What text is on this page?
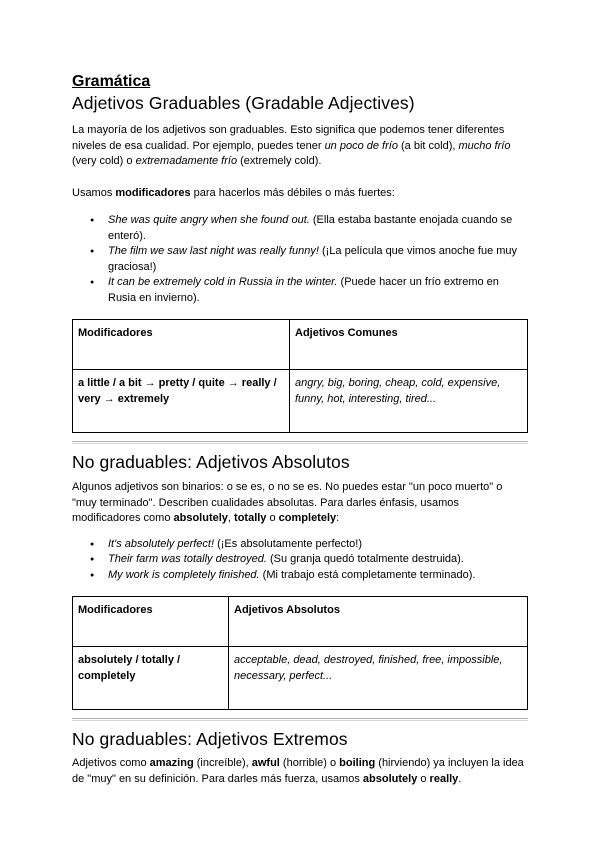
Gramática
Adjetivos Graduables (Gradable Adjectives)

La mayoría de los adjetivos son graduables. Esto significa que podemos tener diferentes niveles de esa cualidad. Por ejemplo, puedes tener un poco de frío (a bit cold), mucho frío (very cold) o extremadamente frío (extremely cold).

Usamos modificadores para hacerlos más débiles o más fuertes:

● She was quite angry when she found out. (Ella estaba bastante enojada cuando se enteró).
● The film we saw last night was really funny! (¡La película que vimos anoche fue muy graciosa!)
● It can be extremely cold in Russia in the winter. (Puede hacer un frío extremo en Rusia en invierno).
Modificadores	Adjetivos Comunes
a little / a bit → pretty / quite → really / very → extremely	angry, big, boring, cheap, cold, expensive, funny, hot, interesting, tired...
No graduables: Adjetivos Absolutos

Algunos adjetivos son binarios: o se es, o no se es. No puedes estar "un poco muerto" o "muy terminado". Describen cualidades absolutas. Para darles énfasis, usamos modificadores como absolutely, totally o completely:

● It's absolutely perfect! (¡Es absolutamente perfecto!)
● Their farm was totally destroyed. (Su granja quedó totalmente destruida).
● My work is completely finished. (Mi trabajo está completamente terminado).
Modificadores	Adjetivos Absolutos
absolutely / totally / completely	acceptable, dead, destroyed, finished, free, impossible, necessary, perfect...
No graduables: Adjetivos Extremos

Adjetivos como amazing (increíble), awful (horrible) o boiling (hirviendo) ya incluyen la idea de "muy" en su definición. Para darles más fuerza, usamos absolutely o really.
